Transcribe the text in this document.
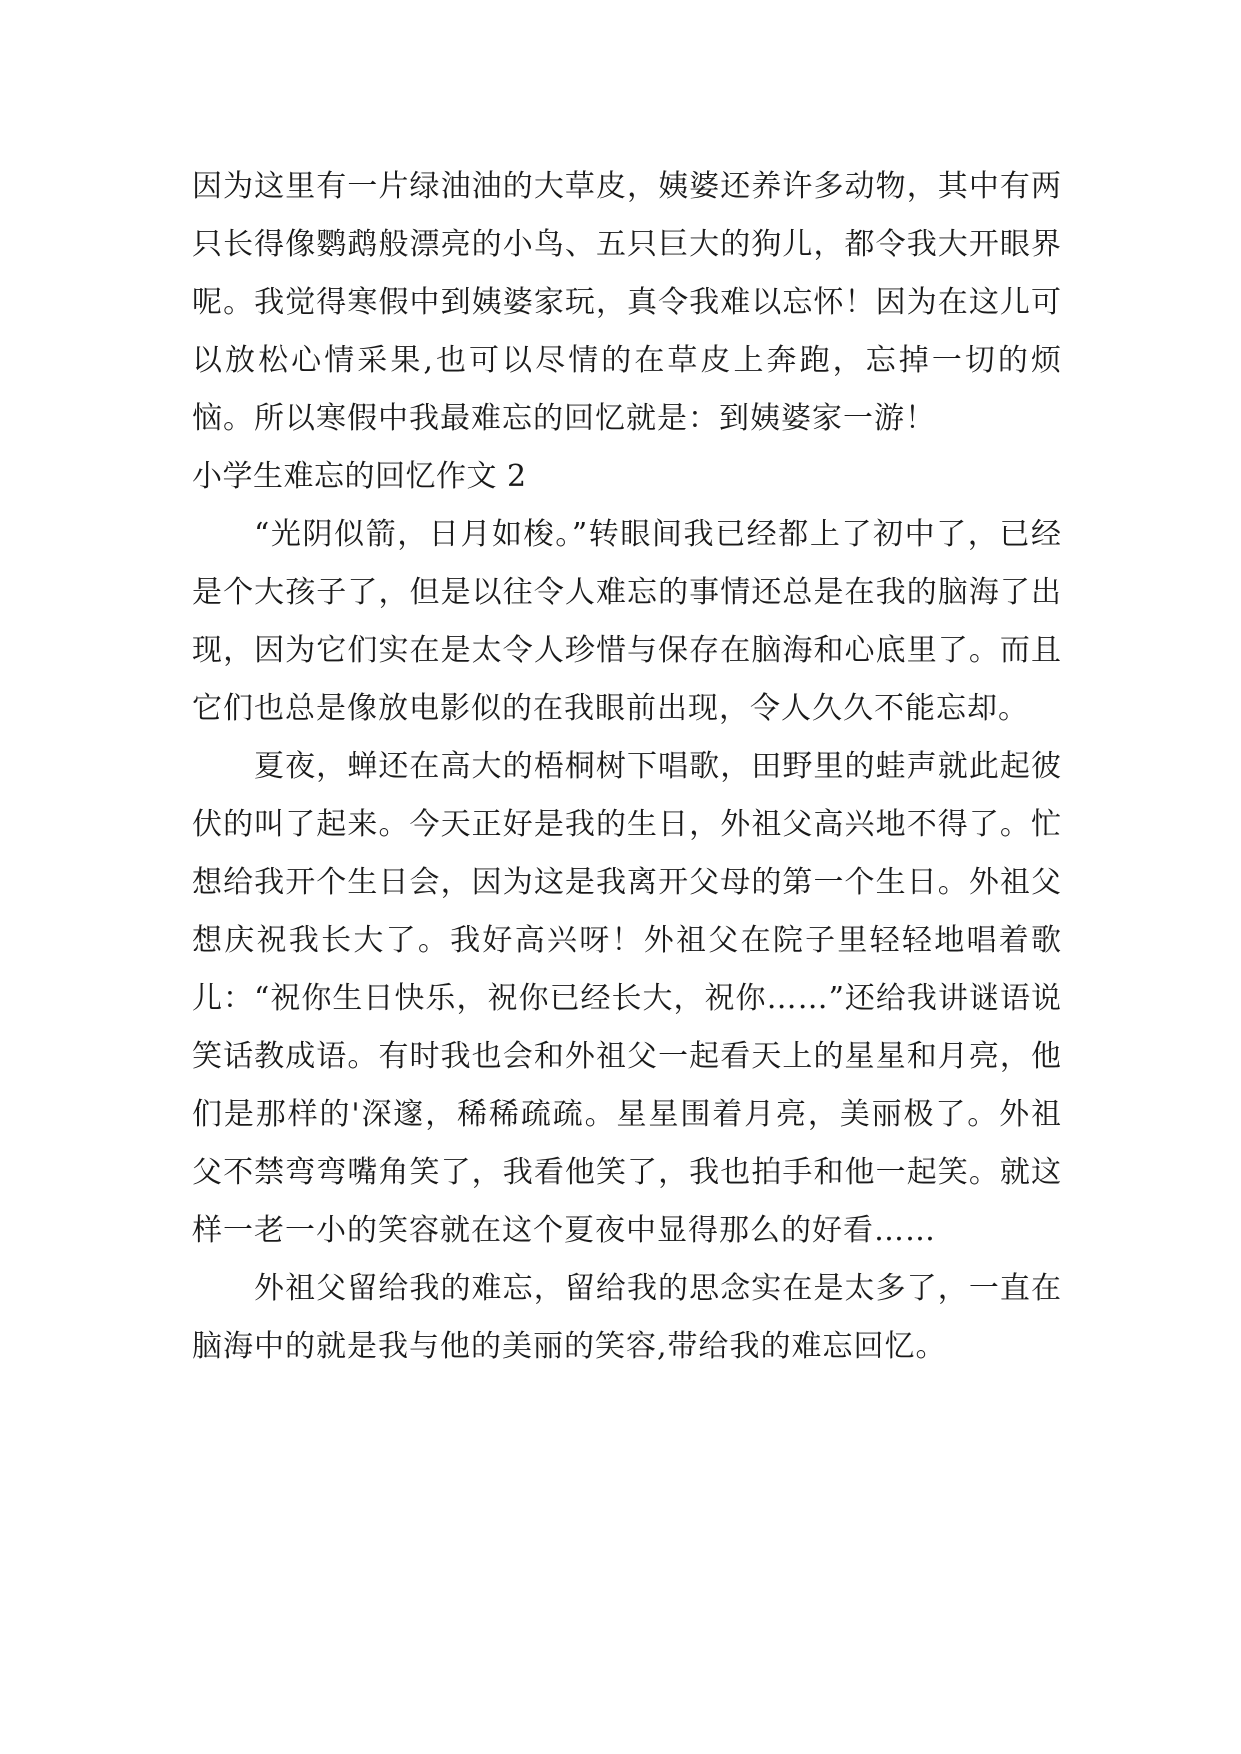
因为这里有一片绿油油的大草皮，姨婆还养许多动物，其中有两只长得像鹦鹉般漂亮的小鸟、五只巨大的狗儿，都令我大开眼界呢。我觉得寒假中到姨婆家玩，真令我难以忘怀！因为在这儿可以放松心情采果,也可以尽情的在草皮上奔跑，忘掉一切的烦恼。所以寒假中我最难忘的回忆就是：到姨婆家一游！

小学生难忘的回忆作文 2

“光阴似箭，日月如梭。”转眼间我已经都上了初中了，已经是个大孩子了，但是以往令人难忘的事情还总是在我的脑海了出现，因为它们实在是太令人珍惜与保存在脑海和心底里了。而且它们也总是像放电影似的在我眼前出现，令人久久不能忘却。

夏夜，蝉还在高大的梧桐树下唱歌，田野里的蛙声就此起彼伏的叫了起来。今天正好是我的生日，外祖父高兴地不得了。忙想给我开个生日会，因为这是我离开父母的第一个生日。外祖父想庆祝我长大了。我好高兴呀！外祖父在院子里轻轻地唱着歌儿：“祝你生日快乐，祝你已经长大，祝你……”还给我讲谜语说笑话教成语。有时我也会和外祖父一起看天上的星星和月亮，他们是那样的'深邃，稀稀疏疏。星星围着月亮，美丽极了。外祖父不禁弯弯嘴角笑了，我看他笑了，我也拍手和他一起笑。就这样一老一小的笑容就在这个夏夜中显得那么的好看……

外祖父留给我的难忘，留给我的思念实在是太多了，一直在脑海中的就是我与他的美丽的笑容,带给我的难忘回忆。
